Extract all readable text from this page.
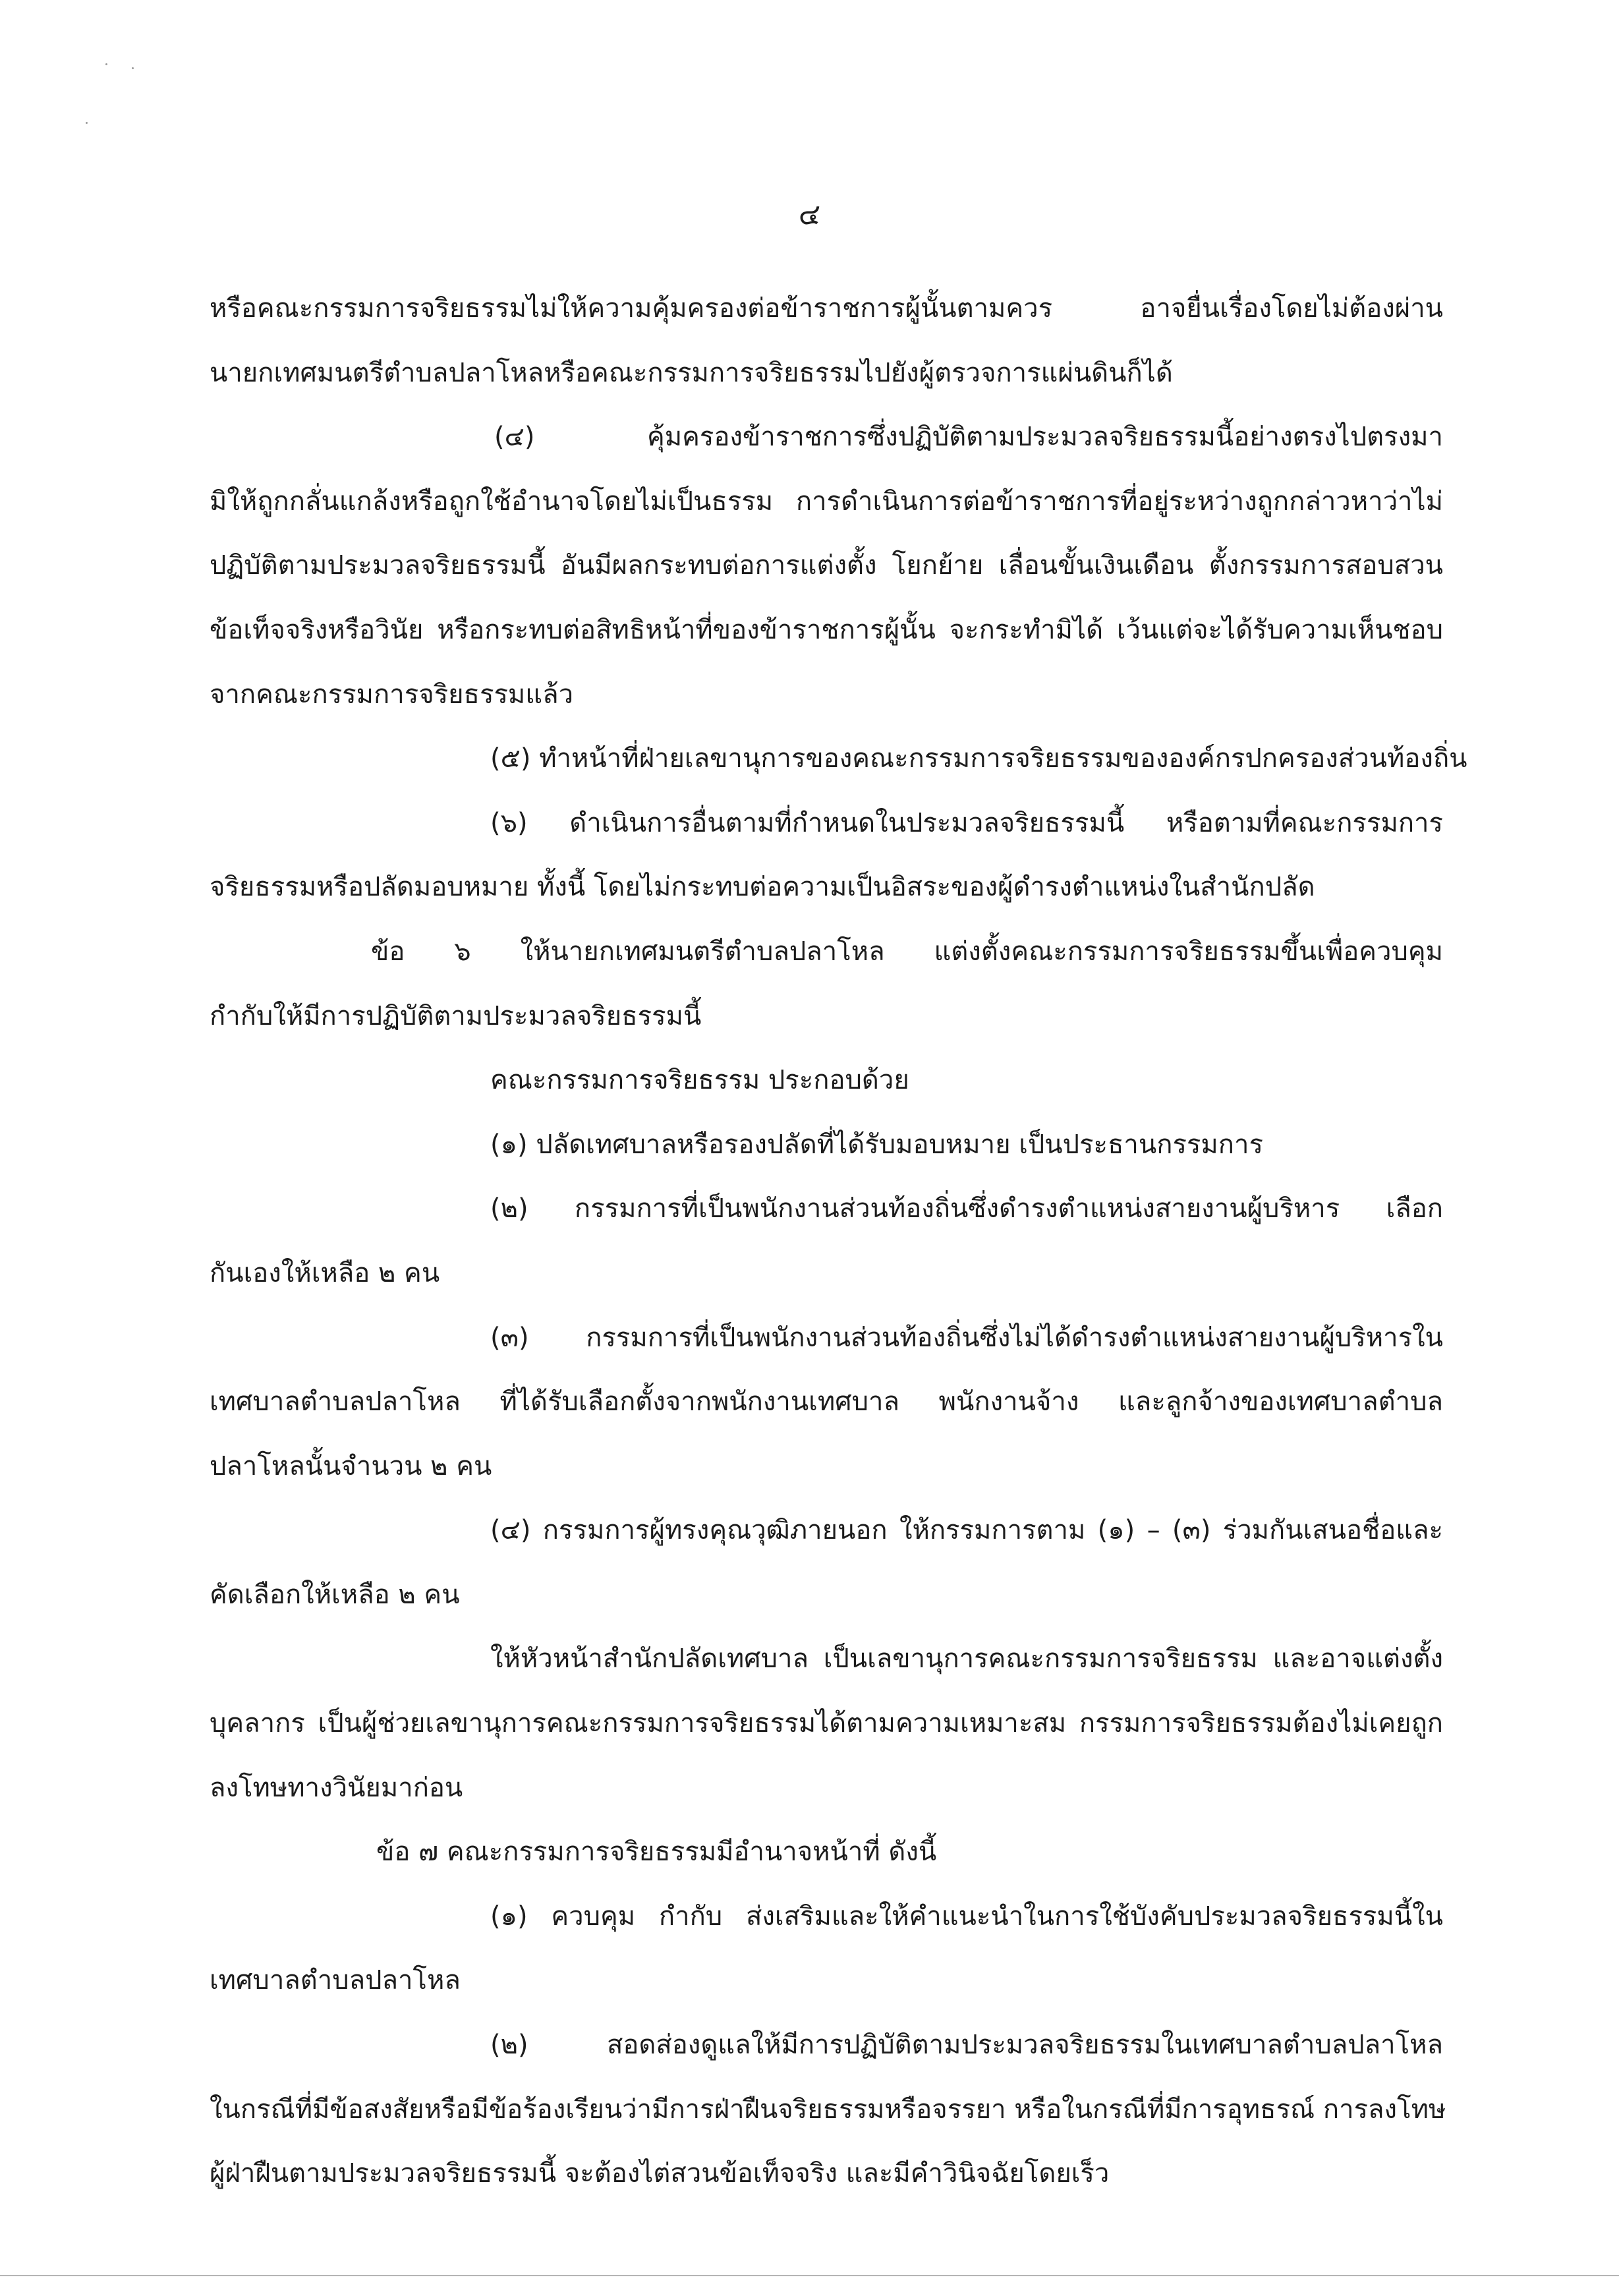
๔
หรือคณะกรรมการจริยธรรมไม่ให้ความคุ้มครองต่อข้าราชการผู้นั้นตามควร อาจยื่นเรื่องโดยไม่ต้องผ่าน
นายกเทศมนตรีตำบลปลาโหลหรือคณะกรรมการจริยธรรมไปยังผู้ตรวจการแผ่นดินก็ได้
(๔) คุ้มครองข้าราชการซึ่งปฏิบัติตามประมวลจริยธรรมนี้อย่างตรงไปตรงมา
มิให้ถูกกลั่นแกล้งหรือถูกใช้อำนาจโดยไม่เป็นธรรม การดำเนินการต่อข้าราชการที่อยู่ระหว่างถูกกล่าวหาว่าไม่
ปฏิบัติตามประมวลจริยธรรมนี้ อันมีผลกระทบต่อการแต่งตั้ง โยกย้าย เลื่อนขั้นเงินเดือน ตั้งกรรมการสอบสวน
ข้อเท็จจริงหรือวินัย หรือกระทบต่อสิทธิหน้าที่ของข้าราชการผู้นั้น จะกระทำมิได้ เว้นแต่จะได้รับความเห็นชอบ
จากคณะกรรมการจริยธรรมแล้ว
(๕) ทำหน้าที่ฝ่ายเลขานุการของคณะกรรมการจริยธรรมขององค์กรปกครองส่วนท้องถิ่น
(๖) ดำเนินการอื่นตามที่กำหนดในประมวลจริยธรรมนี้ หรือตามที่คณะกรรมการ
จริยธรรมหรือปลัดมอบหมาย ทั้งนี้ โดยไม่กระทบต่อความเป็นอิสระของผู้ดำรงตำแหน่งในสำนักปลัด
ข้อ ๖ ให้นายกเทศมนตรีตำบลปลาโหล แต่งตั้งคณะกรรมการจริยธรรมขึ้นเพื่อควบคุม
กำกับให้มีการปฏิบัติตามประมวลจริยธรรมนี้
คณะกรรมการจริยธรรม ประกอบด้วย
(๑) ปลัดเทศบาลหรือรองปลัดที่ได้รับมอบหมาย เป็นประธานกรรมการ
(๒) กรรมการที่เป็นพนักงานส่วนท้องถิ่นซึ่งดำรงตำแหน่งสายงานผู้บริหาร เลือก
กันเองให้เหลือ ๒ คน
(๓) กรรมการที่เป็นพนักงานส่วนท้องถิ่นซึ่งไม่ได้ดำรงตำแหน่งสายงานผู้บริหารใน
เทศบาลตำบลปลาโหล ที่ได้รับเลือกตั้งจากพนักงานเทศบาล พนักงานจ้าง และลูกจ้างของเทศบาลตำบล
ปลาโหลนั้นจำนวน ๒ คน
(๔) กรรมการผู้ทรงคุณวุฒิภายนอก ให้กรรมการตาม (๑) – (๓) ร่วมกันเสนอชื่อและ
คัดเลือกให้เหลือ ๒ คน
ให้หัวหน้าสำนักปลัดเทศบาล เป็นเลขานุการคณะกรรมการจริยธรรม และอาจแต่งตั้ง
บุคลากร เป็นผู้ช่วยเลขานุการคณะกรรมการจริยธรรมได้ตามความเหมาะสม กรรมการจริยธรรมต้องไม่เคยถูก
ลงโทษทางวินัยมาก่อน
ข้อ ๗ คณะกรรมการจริยธรรมมีอำนาจหน้าที่ ดังนี้
(๑) ควบคุม กำกับ ส่งเสริมและให้คำแนะนำในการใช้บังคับประมวลจริยธรรมนี้ใน
เทศบาลตำบลปลาโหล
(๒) สอดส่องดูแลให้มีการปฏิบัติตามประมวลจริยธรรมในเทศบาลตำบลปลาโหล
ในกรณีที่มีข้อสงสัยหรือมีข้อร้องเรียนว่ามีการฝ่าฝืนจริยธรรมหรือจรรยา หรือในกรณีที่มีการอุทธรณ์ การลงโทษ
ผู้ฝ่าฝืนตามประมวลจริยธรรมนี้ จะต้องไต่สวนข้อเท็จจริง และมีคำวินิจฉัยโดยเร็ว
